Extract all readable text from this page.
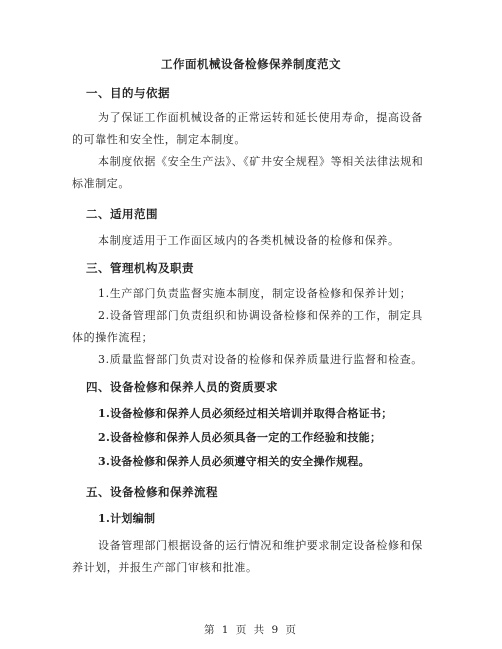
工作面机械设备检修保养制度范文
一、目的与依据
为了保证工作面机械设备的正常运转和延长使用寿命，提高设备的可靠性和安全性，制定本制度。
本制度依据《安全生产法》、《矿井安全规程》等相关法律法规和标准制定。
二、适用范围
本制度适用于工作面区域内的各类机械设备的检修和保养。
三、管理机构及职责
1.生产部门负责监督实施本制度，制定设备检修和保养计划；
2.设备管理部门负责组织和协调设备检修和保养的工作，制定具体的操作流程；
3.质量监督部门负责对设备的检修和保养质量进行监督和检查。
四、设备检修和保养人员的资质要求
1.设备检修和保养人员必须经过相关培训并取得合格证书；
2.设备检修和保养人员必须具备一定的工作经验和技能；
3.设备检修和保养人员必须遵守相关的安全操作规程。
五、设备检修和保养流程
1.计划编制
设备管理部门根据设备的运行情况和维护要求制定设备检修和保养计划，并报生产部门审核和批准。
第 1 页 共 9 页
